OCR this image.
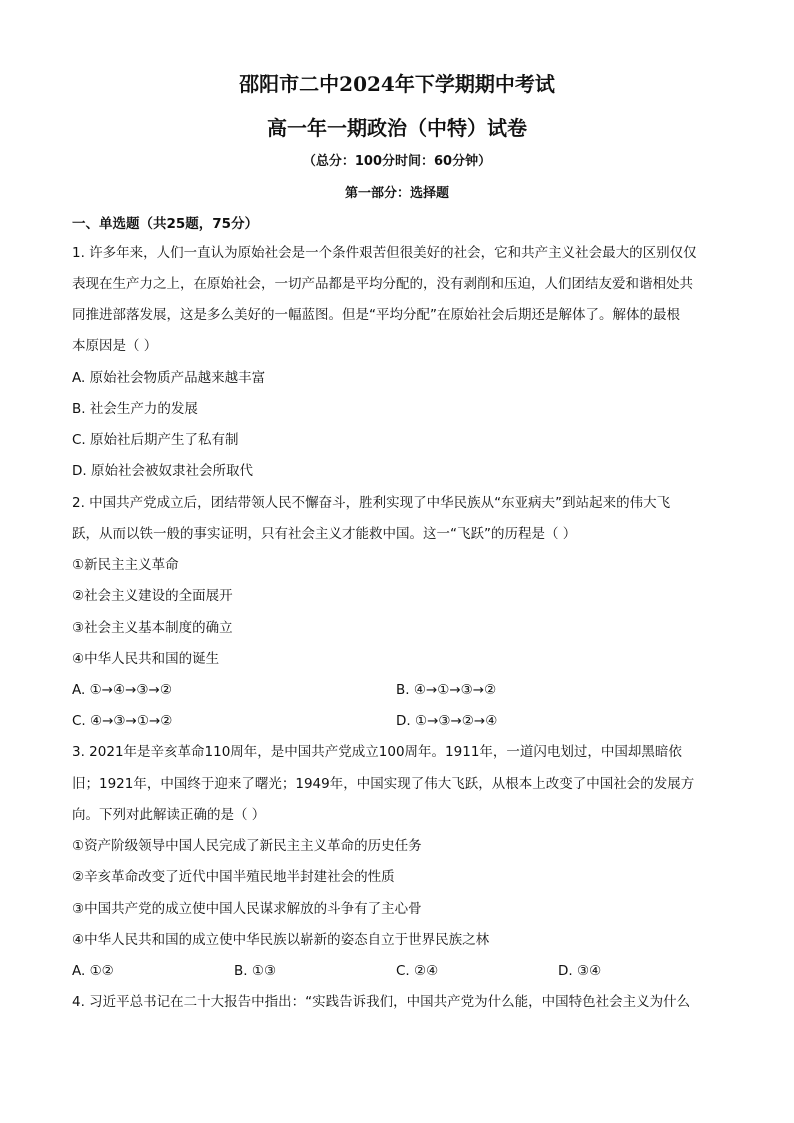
邵阳市二中2024年下学期期中考试
高一年一期政治（中特）试卷
（总分：100分时间：60分钟）
第一部分：选择题
一、单选题（共25题，75分）
1. 许多年来，人们一直认为原始社会是一个条件艰苦但很美好的社会，它和共产主义社会最大的区别仅仅
表现在生产力之上，在原始社会，一切产品都是平均分配的，没有剥削和压迫，人们团结友爱和谐相处共
同推进部落发展，这是多么美好的一幅蓝图。但是“平均分配”在原始社会后期还是解体了。解体的最根
本原因是（ ）
A. 原始社会物质产品越来越丰富
B. 社会生产力的发展
C. 原始社后期产生了私有制
D. 原始社会被奴隶社会所取代
2. 中国共产党成立后，团结带领人民不懈奋斗，胜利实现了中华民族从“东亚病夫”到站起来的伟大飞
跃，从而以铁一般的事实证明，只有社会主义才能救中国。这一“飞跃”的历程是（ ）
①新民主主义革命
②社会主义建设的全面展开
③社会主义基本制度的确立
④中华人民共和国的诞生
A. ①→④→③→②	B. ④→①→③→②
C. ④→③→①→②	D. ①→③→②→④
3. 2021年是辛亥革命110周年，是中国共产党成立100周年。1911年，一道闪电划过，中国却黑暗依
旧；1921年，中国终于迎来了曙光；1949年，中国实现了伟大飞跃，从根本上改变了中国社会的发展方
向。下列对此解读正确的是（ ）
①资产阶级领导中国人民完成了新民主主义革命的历史任务
②辛亥革命改变了近代中国半殖民地半封建社会的性质
③中国共产党的成立使中国人民谋求解放的斗争有了主心骨
④中华人民共和国的成立使中华民族以崭新的姿态自立于世界民族之林
A. ①②	B. ①③	C. ②④	D. ③④
4. 习近平总书记在二十大报告中指出：“实践告诉我们，中国共产党为什么能，中国特色社会主义为什么
